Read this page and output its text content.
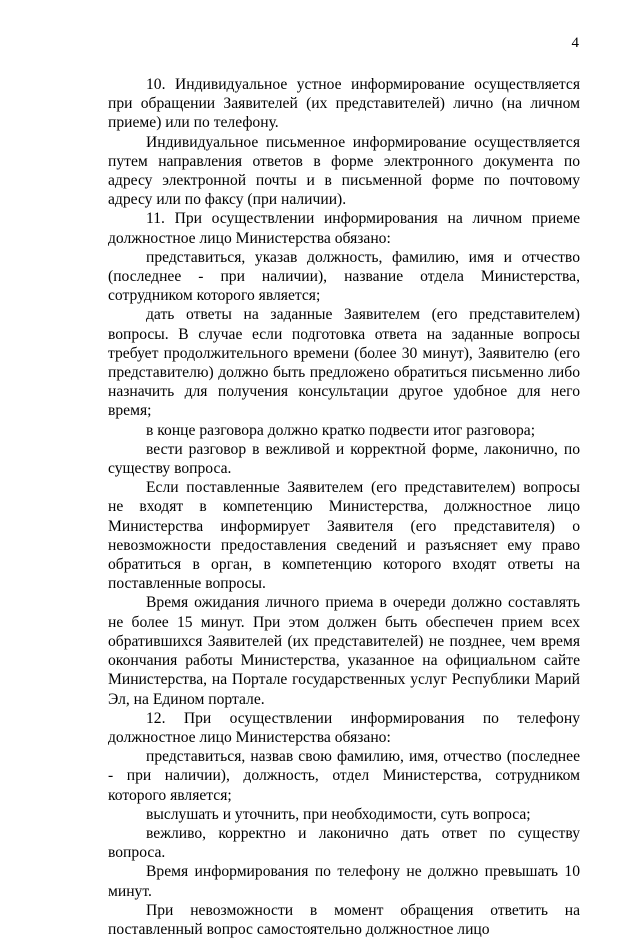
4

10. Индивидуальное устное информирование осуществляется при обращении Заявителей (их представителей) лично (на личном приеме) или по телефону.

Индивидуальное письменное информирование осуществляется путем направления ответов в форме электронного документа по адресу электронной почты и в письменной форме по почтовому адресу или по факсу (при наличии).

11. При осуществлении информирования на личном приеме должностное лицо Министерства обязано:

представиться, указав должность, фамилию, имя и отчество (последнее - при наличии), название отдела Министерства, сотрудником которого является;

дать ответы на заданные Заявителем (его представителем) вопросы. В случае если подготовка ответа на заданные вопросы требует продолжительного времени (более 30 минут), Заявителю (его представителю) должно быть предложено обратиться письменно либо назначить для получения консультации другое удобное для него время;

в конце разговора должно кратко подвести итог разговора;

вести разговор в вежливой и корректной форме, лаконично, по существу вопроса.

Если поставленные Заявителем (его представителем) вопросы не входят в компетенцию Министерства, должностное лицо Министерства информирует Заявителя (его представителя) о невозможности предоставления сведений и разъясняет ему право обратиться в орган, в компетенцию которого входят ответы на поставленные вопросы.

Время ожидания личного приема в очереди должно составлять не более 15 минут. При этом должен быть обеспечен прием всех обратившихся Заявителей (их представителей) не позднее, чем время окончания работы Министерства, указанное на официальном сайте Министерства, на Портале государственных услуг Республики Марий Эл, на Едином портале.

12. При осуществлении информирования по телефону должностное лицо Министерства обязано:

представиться, назвав свою фамилию, имя, отчество (последнее - при наличии), должность, отдел Министерства, сотрудником которого является;

выслушать и уточнить, при необходимости, суть вопроса;

вежливо, корректно и лаконично дать ответ по существу вопроса.

Время информирования по телефону не должно превышать 10 минут.

При невозможности в момент обращения ответить на поставленный вопрос самостоятельно должностное лицо
